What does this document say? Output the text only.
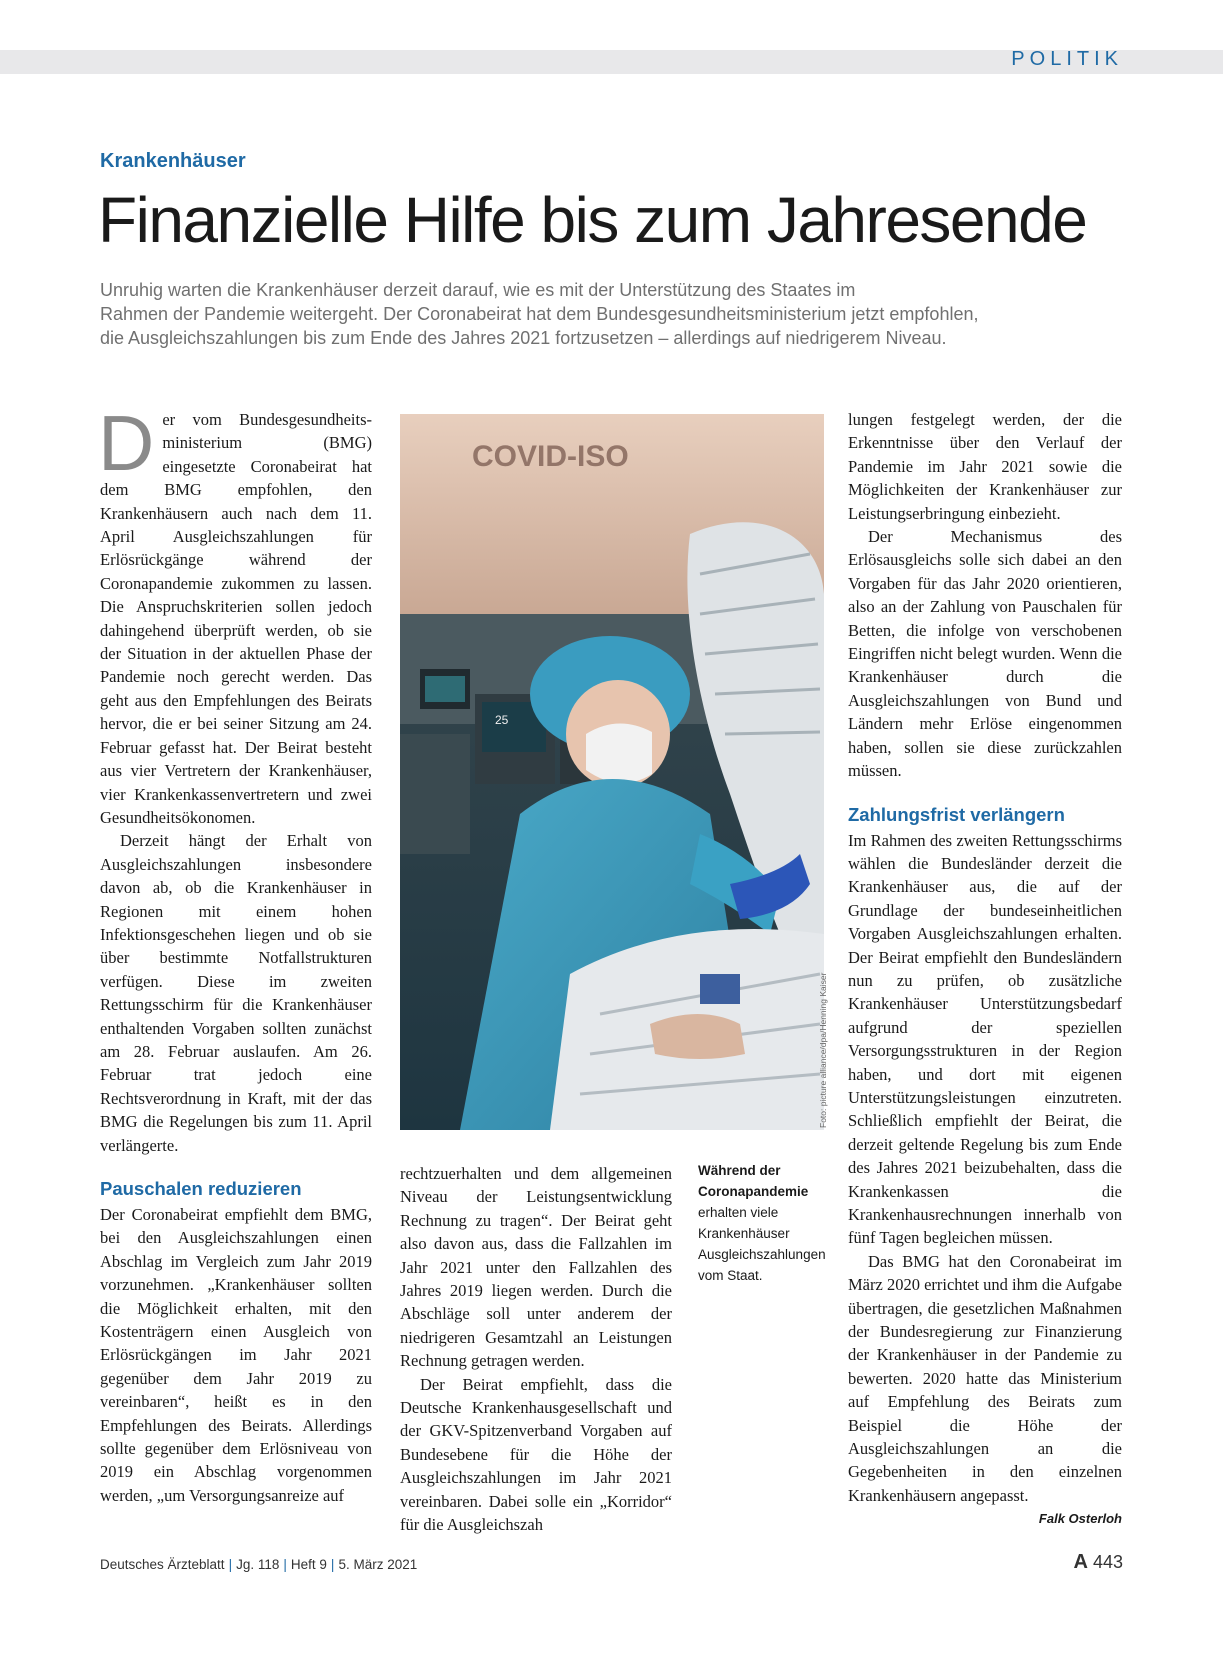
POLITIK
Krankenhäuser
Finanzielle Hilfe bis zum Jahresende
Unruhig warten die Krankenhäuser derzeit darauf, wie es mit der Unterstützung des Staates im
Rahmen der Pandemie weitergeht. Der Coronabeirat hat dem Bundesgesundheitsministerium jetzt empfohlen,
die Ausgleichszahlungen bis zum Ende des Jahres 2021 fortzusetzen – allerdings auf niedrigerem Niveau.

Der vom Bundesgesundheitsministerium (BMG) eingesetzte Coronabeirat hat dem BMG empfohlen, den Krankenhäusern auch nach dem 11. April Ausgleichszahlungen für Erlösrückgänge während der Coronapandemie zukommen zu lassen. Die Anspruchskriterien sollen jedoch dahingehend überprüft werden, ob sie der Situation in der aktuellen Phase der Pandemie noch gerecht werden. Das geht aus den Empfehlungen des Beirats hervor, die er bei seiner Sitzung am 24. Februar gefasst hat. Der Beirat besteht aus vier Vertretern der Krankenhäuser, vier Krankenkassenvertretern und zwei Gesundheitsökonomen.

Derzeit hängt der Erhalt von Ausgleichszahlungen insbesondere davon ab, ob die Krankenhäuser in Regionen mit einem hohen Infektionsgeschehen liegen und ob sie über bestimmte Notfallstrukturen verfügen. Diese im zweiten Rettungsschirm für die Krankenhäuser enthaltenden Vorgaben sollten zunächst am 28. Februar auslaufen. Am 26. Februar trat jedoch eine Rechtsverordnung in Kraft, mit der das BMG die Regelungen bis zum 11. April verlängerte.

Pauschalen reduzieren

Der Coronabeirat empfiehlt dem BMG, bei den Ausgleichszahlungen einen Abschlag im Vergleich zum Jahr 2019 vorzunehmen. „Krankenhäuser sollten die Möglichkeit erhalten, mit den Kostenträgern einen Ausgleich von Erlösrückgängen im Jahr 2021 gegenüber dem Jahr 2019 zu vereinbaren“, heißt es in den Empfehlungen des Beirats. Allerdings sollte gegenüber dem Erlösniveau von 2019 ein Abschlag vorgenommen werden, „um Versorgungsanreize auf

25
COVID-ISO
Foto: picture alliance/dpa/Henning Kaiser
Während der Coronapandemie
erhalten viele Krankenhäuser Ausgleichszahlungen vom Staat.

rechtzuerhalten und dem allgemeinen Niveau der Leistungsentwicklung Rechnung zu tragen“. Der Beirat geht also davon aus, dass die Fallzahlen im Jahr 2021 unter den Fallzahlen des Jahres 2019 liegen werden. Durch die Abschläge soll unter anderem der niedrigeren Gesamtzahl an Leistungen Rechnung getragen werden.

Der Beirat empfiehlt, dass die Deutsche Krankenhausgesellschaft und der GKV-Spitzenverband Vorgaben auf Bundesebene für die Höhe der Ausgleichszahlungen im Jahr 2021 vereinbaren. Dabei solle ein „Korridor“ für die Ausgleichszah

lungen festgelegt werden, der die Erkenntnisse über den Verlauf der Pandemie im Jahr 2021 sowie die Möglichkeiten der Krankenhäuser zur Leistungserbringung einbezieht.

Der Mechanismus des Erlösausgleichs solle sich dabei an den Vorgaben für das Jahr 2020 orientieren, also an der Zahlung von Pauschalen für Betten, die infolge von verschobenen Eingriffen nicht belegt wurden. Wenn die Krankenhäuser durch die Ausgleichszahlungen von Bund und Ländern mehr Erlöse eingenommen haben, sollen sie diese zurückzahlen müssen.

Zahlungsfrist verlängern

Im Rahmen des zweiten Rettungsschirms wählen die Bundesländer derzeit die Krankenhäuser aus, die auf der Grundlage der bundeseinheitlichen Vorgaben Ausgleichszahlungen erhalten. Der Beirat empfiehlt den Bundesländern nun zu prüfen, ob zusätzliche Krankenhäuser Unterstützungsbedarf aufgrund der speziellen Versorgungsstrukturen in der Region haben, und dort mit eigenen Unterstützungsleistungen einzutreten. Schließlich empfiehlt der Beirat, die derzeit geltende Regelung bis zum Ende des Jahres 2021 beizubehalten, dass die Krankenkassen die Krankenhausrechnungen innerhalb von fünf Tagen begleichen müssen.

Das BMG hat den Coronabeirat im März 2020 errichtet und ihm die Aufgabe übertragen, die gesetzlichen Maßnahmen der Bundesregierung zur Finanzierung der Krankenhäuser in der Pandemie zu bewerten. 2020 hatte das Ministerium auf Empfehlung des Beirats zum Beispiel die Höhe der Ausgleichszahlungen an die Gegebenheiten in den einzelnen Krankenhäusern angepasst.
Falk Osterloh

Deutsches Ärzteblatt | Jg. 118 | Heft 9 | 5. März 2021	A 443
